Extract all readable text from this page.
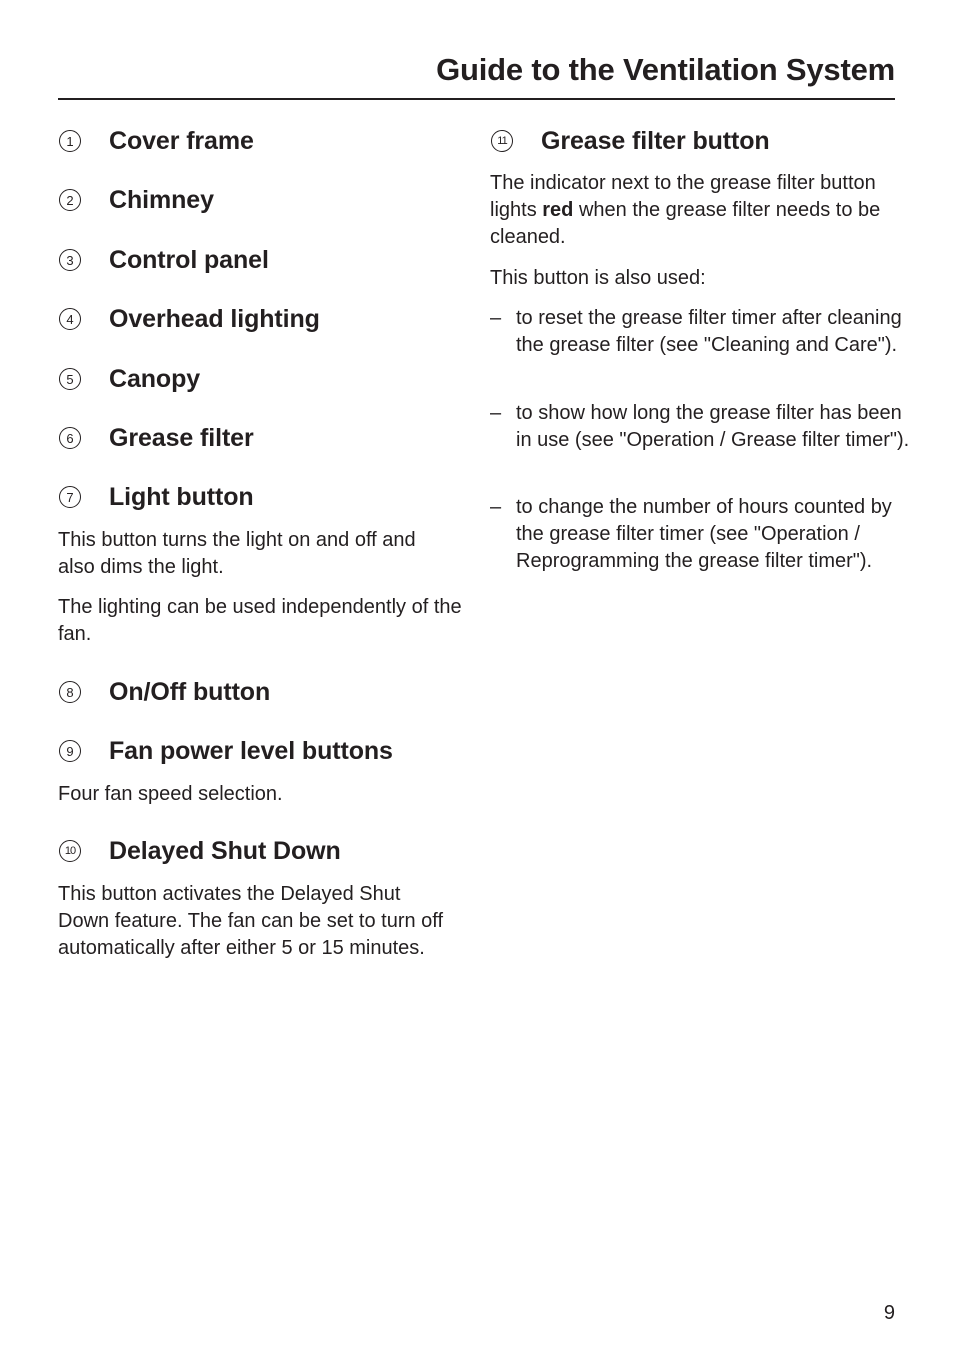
Guide to the Ventilation System
1 Cover frame
2 Chimney
3 Control panel
4 Overhead lighting
5 Canopy
6 Grease filter
7 Light button

This button turns the light on and off and also dims the light.

The lighting can be used independently of the fan.

8 On/Off button
9 Fan power level buttons

Four fan speed selection.

10 Delayed Shut Down

This button activates the Delayed Shut Down feature. The fan can be set to turn off automatically after either 5 or 15 minutes.

11 Grease filter button

The indicator next to the grease filter button lights red when the grease filter needs to be cleaned.

This button is also used:

– to reset the grease filter timer after cleaning the grease filter (see "Cleaning and Care").
– to show how long the grease filter has been in use (see "Operation / Grease filter timer").
– to change the number of hours counted by the grease filter timer (see "Operation / Reprogramming the grease filter timer").
9
